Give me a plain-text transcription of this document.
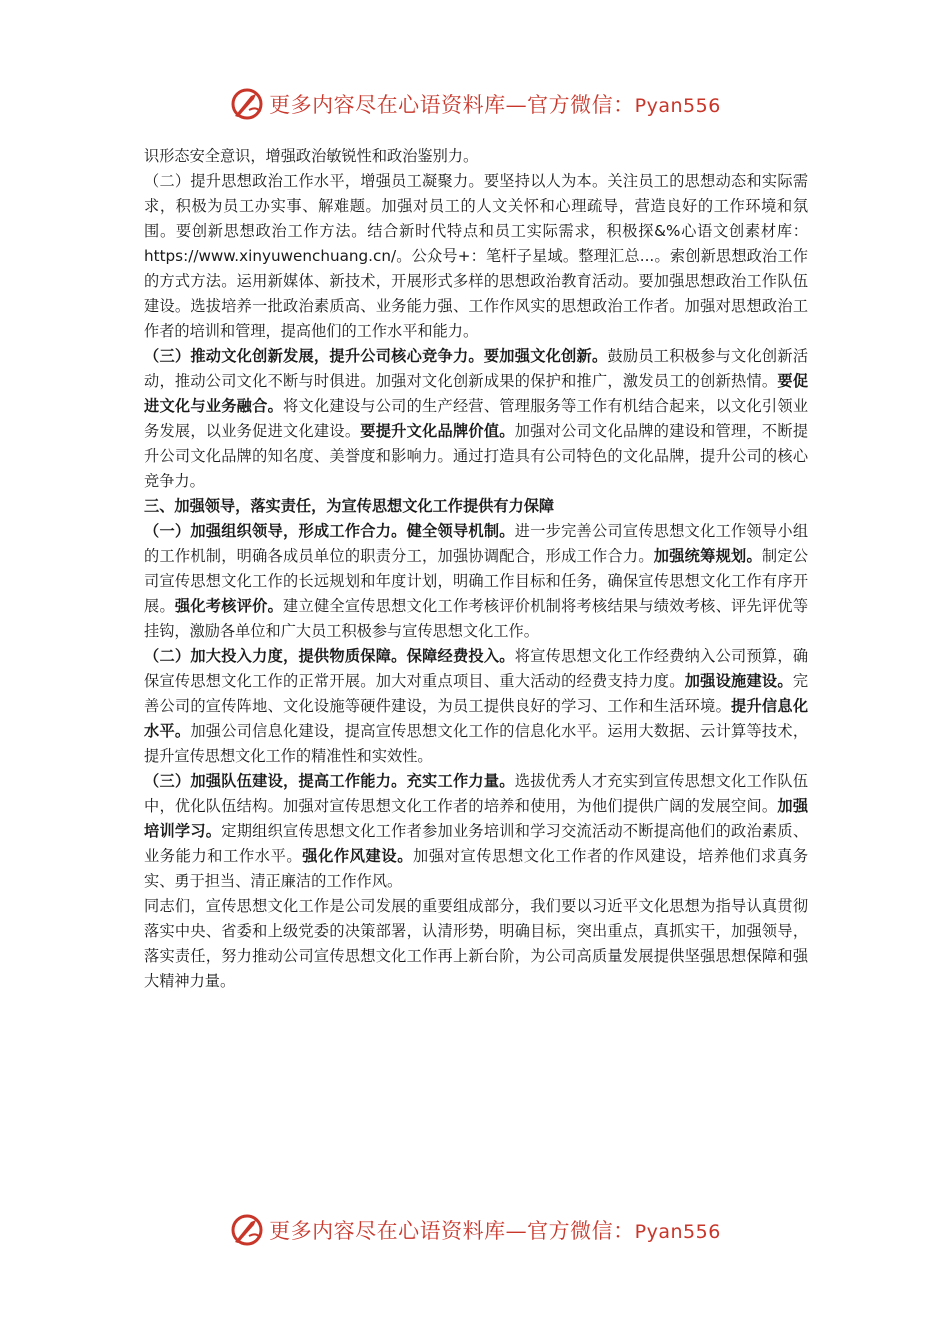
更多内容尽在心语资料库—官方微信：Pyan556

识形态安全意识，增强政治敏锐性和政治鉴别力。

（二）提升思想政治工作水平，增强员工凝聚力。要坚持以人为本。关注员工的思想动态和实际需求，积极为员工办实事、解难题。加强对员工的人文关怀和心理疏导，营造良好的工作环境和氛围。要创新思想政治工作方法。结合新时代特点和员工实际需求，积极探&%心语文创素材库：https://www.xinyuwenchuang.cn/。公众号+：笔杆子星域。整理汇总...。索创新思想政治工作的方式方法。运用新媒体、新技术，开展形式多样的思想政治教育活动。要加强思想政治工作队伍建设。选拔培养一批政治素质高、业务能力强、工作作风实的思想政治工作者。加强对思想政治工作者的培训和管理，提高他们的工作水平和能力。

（三）推动文化创新发展，提升公司核心竞争力。要加强文化创新。鼓励员工积极参与文化创新活动，推动公司文化不断与时俱进。加强对文化创新成果的保护和推广，激发员工的创新热情。要促进文化与业务融合。将文化建设与公司的生产经营、管理服务等工作有机结合起来，以文化引领业务发展，以业务促进文化建设。要提升文化品牌价值。加强对公司文化品牌的建设和管理，不断提升公司文化品牌的知名度、美誉度和影响力。通过打造具有公司特色的文化品牌，提升公司的核心竞争力。

三、加强领导，落实责任，为宣传思想文化工作提供有力保障

（一）加强组织领导，形成工作合力。健全领导机制。进一步完善公司宣传思想文化工作领导小组的工作机制，明确各成员单位的职责分工，加强协调配合，形成工作合力。加强统筹规划。制定公司宣传思想文化工作的长远规划和年度计划，明确工作目标和任务，确保宣传思想文化工作有序开展。强化考核评价。建立健全宣传思想文化工作考核评价机制将考核结果与绩效考核、评先评优等挂钩，激励各单位和广大员工积极参与宣传思想文化工作。

（二）加大投入力度，提供物质保障。保障经费投入。将宣传思想文化工作经费纳入公司预算，确保宣传思想文化工作的正常开展。加大对重点项目、重大活动的经费支持力度。加强设施建设。完善公司的宣传阵地、文化设施等硬件建设，为员工提供良好的学习、工作和生活环境。提升信息化水平。加强公司信息化建设，提高宣传思想文化工作的信息化水平。运用大数据、云计算等技术，提升宣传思想文化工作的精准性和实效性。

（三）加强队伍建设，提高工作能力。充实工作力量。选拔优秀人才充实到宣传思想文化工作队伍中，优化队伍结构。加强对宣传思想文化工作者的培养和使用，为他们提供广阔的发展空间。加强培训学习。定期组织宣传思想文化工作者参加业务培训和学习交流活动不断提高他们的政治素质、业务能力和工作水平。强化作风建设。加强对宣传思想文化工作者的作风建设，培养他们求真务实、勇于担当、清正廉洁的工作作风。

同志们，宣传思想文化工作是公司发展的重要组成部分，我们要以习近平文化思想为指导认真贯彻落实中央、省委和上级党委的决策部署，认清形势，明确目标，突出重点，真抓实干，加强领导，落实责任，努力推动公司宣传思想文化工作再上新台阶，为公司高质量发展提供坚强思想保障和强大精神力量。

更多内容尽在心语资料库—官方微信：Pyan556
